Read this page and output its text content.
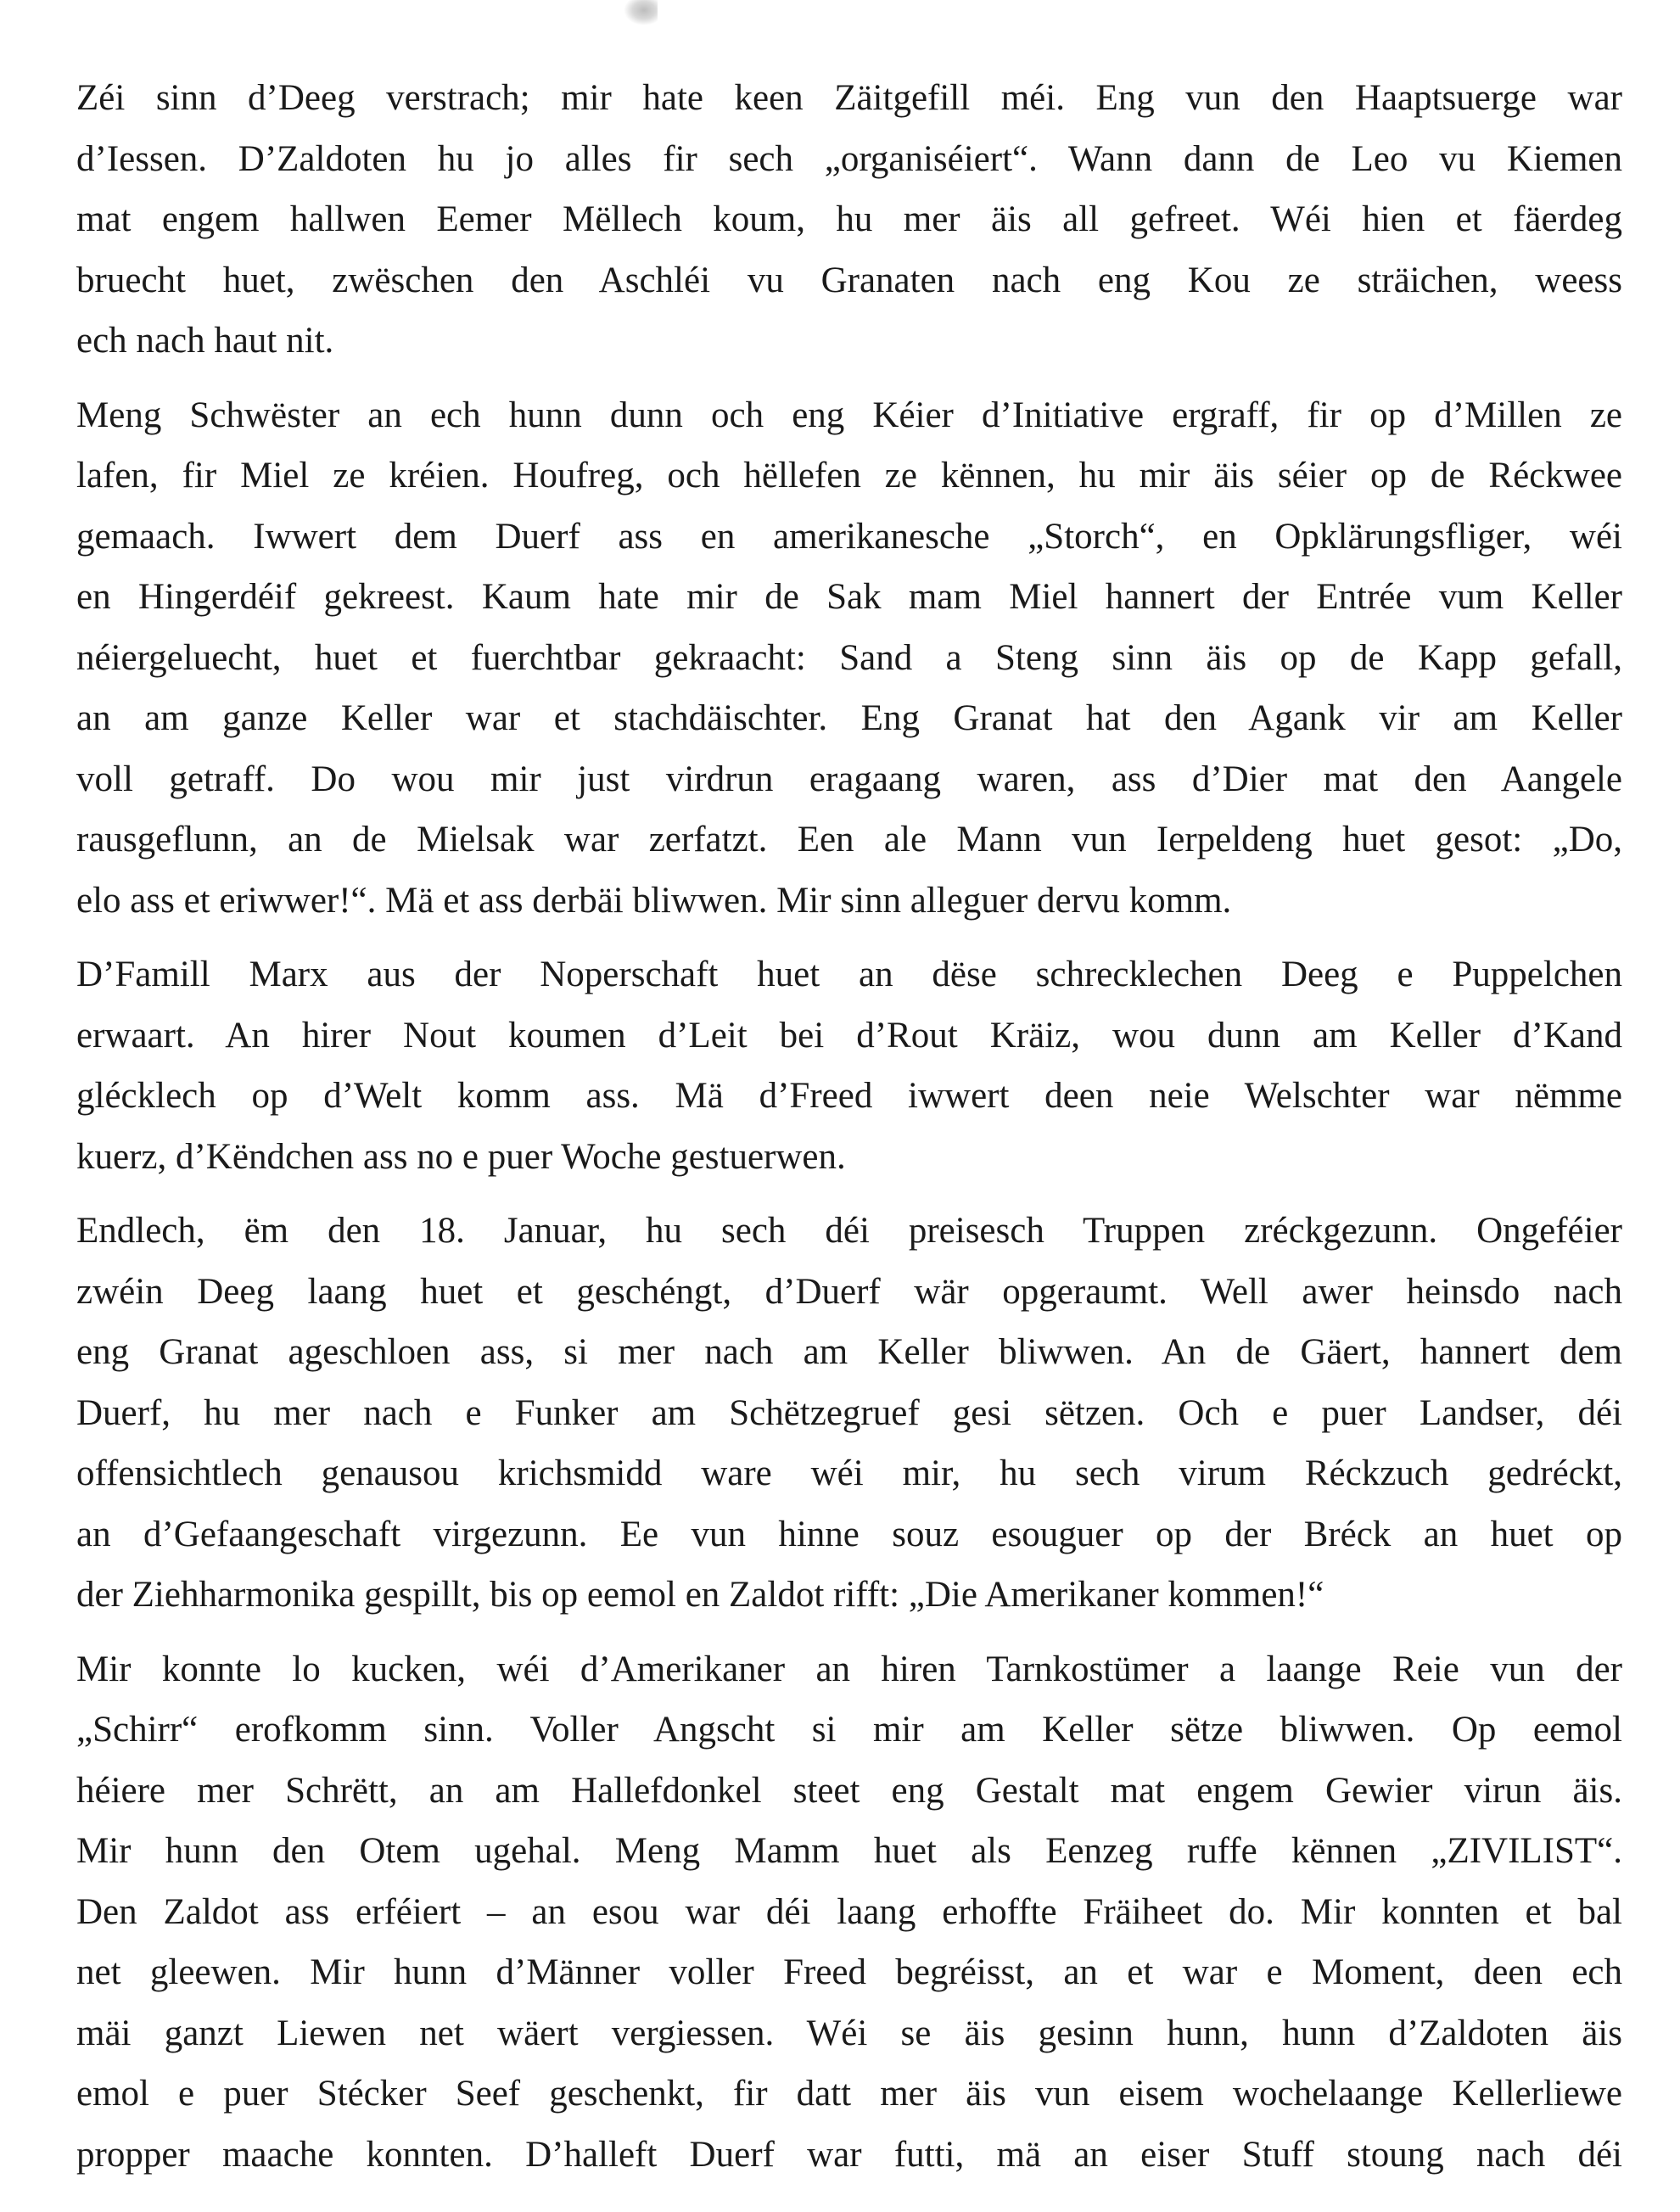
Zéi sinn d’Deeg verstrach; mir hate keen Zäitgefill méi. Eng vun den Haaptsuerge war
d’Iessen. D’Zaldoten hu jo alles fir sech „organiséiert“. Wann dann de Leo vu Kiemen
mat engem hallwen Eemer Mëllech koum, hu mer äis all gefreet. Wéi hien et fäerdeg
bruecht huet, zwëschen den Aschléi vu Granaten nach eng Kou ze sträichen, weess
ech nach haut nit.
Meng Schwëster an ech hunn dunn och eng Kéier d’Initiative ergraff, fir op d’Millen ze
lafen, fir Miel ze kréien. Houfreg, och hëllefen ze kënnen, hu mir äis séier op de Réckwee
gemaach. Iwwert dem Duerf ass en amerikanesche „Storch“, en Opklärungsfliger, wéi
en Hingerdéif gekreest. Kaum hate mir de Sak mam Miel hannert der Entrée vum Keller
néiergeluecht, huet et fuerchtbar gekraacht: Sand a Steng sinn äis op de Kapp gefall,
an am ganze Keller war et stachdäischter. Eng Granat hat den Agank vir am Keller
voll getraff. Do wou mir just virdrun eragaang waren, ass d’Dier mat den Aangele
rausgeflunn, an de Mielsak war zerfatzt. Een ale Mann vun Ierpeldeng huet gesot: „Do,
elo ass et eriwwer!“. Mä et ass derbäi bliwwen. Mir sinn alleguer dervu komm.
D’Famill Marx aus der Noperschaft huet an dëse schrecklechen Deeg e Puppelchen
erwaart. An hirer Nout koumen d’Leit bei d’Rout Kräiz, wou dunn am Keller d’Kand
glécklech op d’Welt komm ass. Mä d’Freed iwwert deen neie Welschter war nëmme
kuerz, d’Këndchen ass no e puer Woche gestuerwen.
Endlech, ëm den 18. Januar, hu sech déi preisesch Truppen zréckgezunn. Ongeféier
zwéin Deeg laang huet et geschéngt, d’Duerf wär opgeraumt. Well awer heinsdo nach
eng Granat ageschloen ass, si mer nach am Keller bliwwen. An de Gäert, hannert dem
Duerf, hu mer nach e Funker am Schëtzegruef gesi sëtzen. Och e puer Landser, déi
offensichtlech genausou krichsmidd ware wéi mir, hu sech virum Réckzuch gedréckt,
an d’Gefaangeschaft virgezunn. Ee vun hinne souz esouguer op der Bréck an huet op
der Ziehharmonika gespillt, bis op eemol en Zaldot rifft: „Die Amerikaner kommen!“
Mir konnte lo kucken, wéi d’Amerikaner an hiren Tarnkostümer a laange Reie vun der
„Schirr“ erofkomm sinn. Voller Angscht si mir am Keller sëtze bliwwen. Op eemol
héiere mer Schrëtt, an am Hallefdonkel steet eng Gestalt mat engem Gewier virun äis.
Mir hunn den Otem ugehal. Meng Mamm huet als Eenzeg ruffe kënnen „ZIVILIST“.
Den Zaldot ass erféiert – an esou war déi laang erhoffte Fräiheet do. Mir konnten et bal
net gleewen. Mir hunn d’Männer voller Freed begréisst, an et war e Moment, deen ech
mäi ganzt Liewen net wäert vergiessen. Wéi se äis gesinn hunn, hunn d’Zaldoten äis
emol e puer Stécker Seef geschenkt, fir datt mer äis vun eisem wochelaange Kellerliewe
propper maache konnten. D’halleft Duerf war futti, mä an eiser Stuff stoung nach déi
